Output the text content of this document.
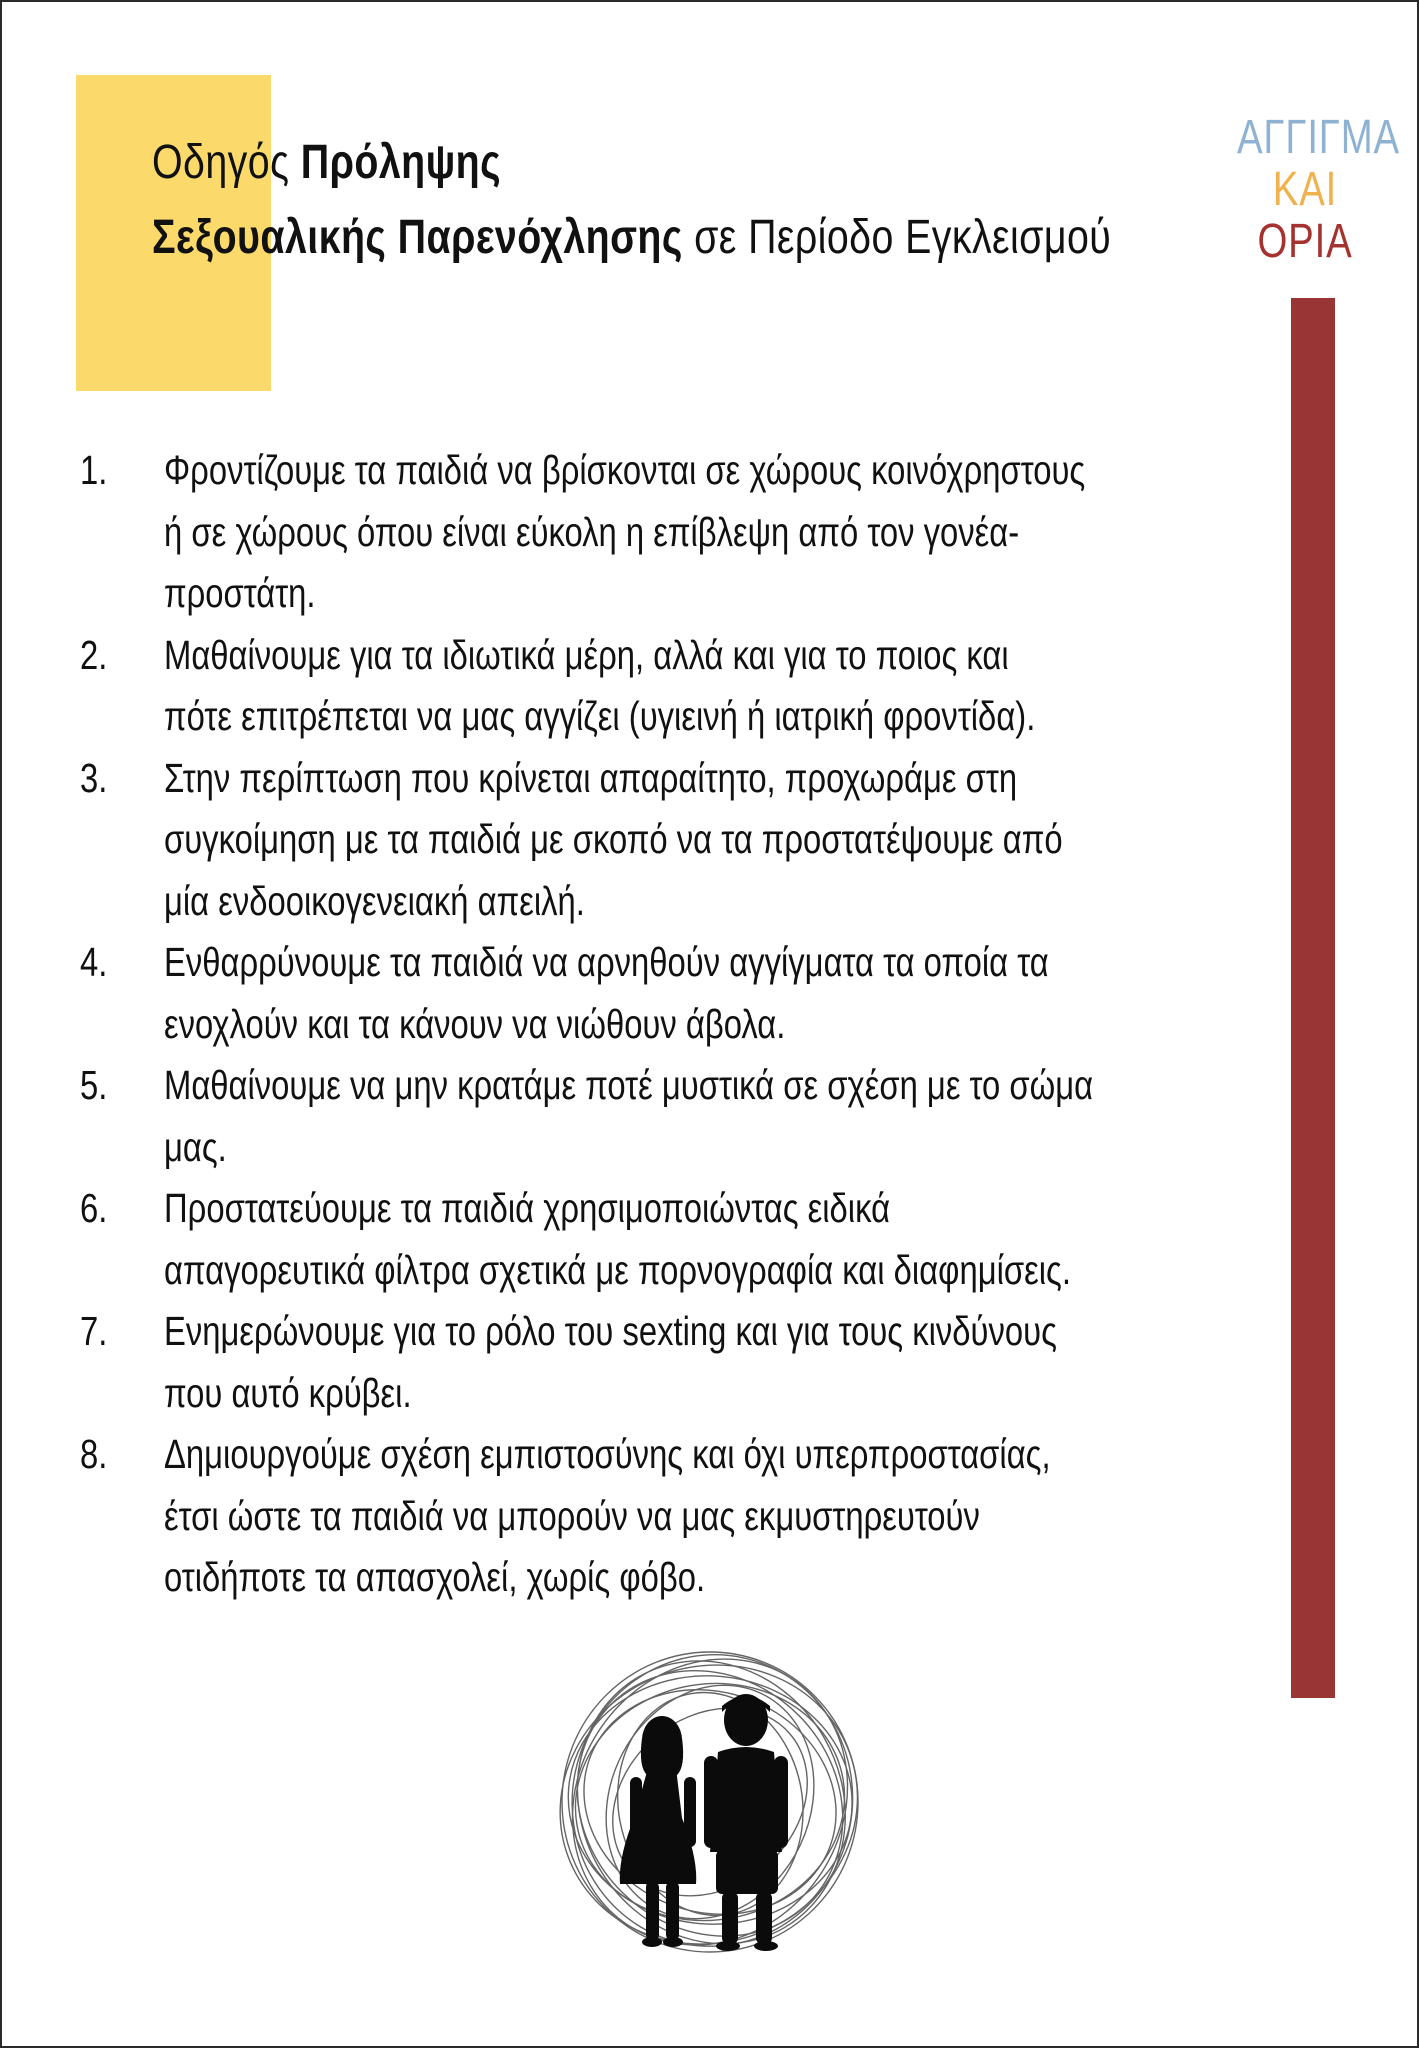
Οδηγός Πρόληψης
Σεξουαλικής Παρενόχλησης σε Περίοδο Εγκλεισμού
ΑΓΓΙΓΜΑ
ΚΑΙ
ΟΡΙΑ
1.	Φροντίζουμε τα παιδιά να βρίσκονται σε χώρους κοινόχρηστους
ή σε χώρους όπου είναι εύκολη η επίβλεψη από τον γονέα-
προστάτη.
2.	Μαθαίνουμε για τα ιδιωτικά μέρη, αλλά και για το ποιος και
πότε επιτρέπεται να μας αγγίζει (υγιεινή ή ιατρική φροντίδα).
3.	Στην περίπτωση που κρίνεται απαραίτητο, προχωράμε στη
συγκοίμηση με τα παιδιά με σκοπό να τα προστατέψουμε από
μία ενδοοικογενειακή απειλή.
4.	Ενθαρρύνουμε τα παιδιά να αρνηθούν αγγίγματα τα οποία τα
ενοχλούν και τα κάνουν να νιώθουν άβολα.
5.	Μαθαίνουμε να μην κρατάμε ποτέ μυστικά σε σχέση με το σώμα
μας.
6.	Προστατεύουμε τα παιδιά χρησιμοποιώντας ειδικά
απαγορευτικά φίλτρα σχετικά με πορνογραφία και διαφημίσεις.
7.	Ενημερώνουμε για το ρόλο του sexting και για τους κινδύνους
που αυτό κρύβει.
8.	Δημιουργούμε σχέση εμπιστοσύνης και όχι υπερπροστασίας,
έτσι ώστε τα παιδιά να μπορούν να μας εκμυστηρευτούν
οτιδήποτε τα απασχολεί, χωρίς φόβο.
